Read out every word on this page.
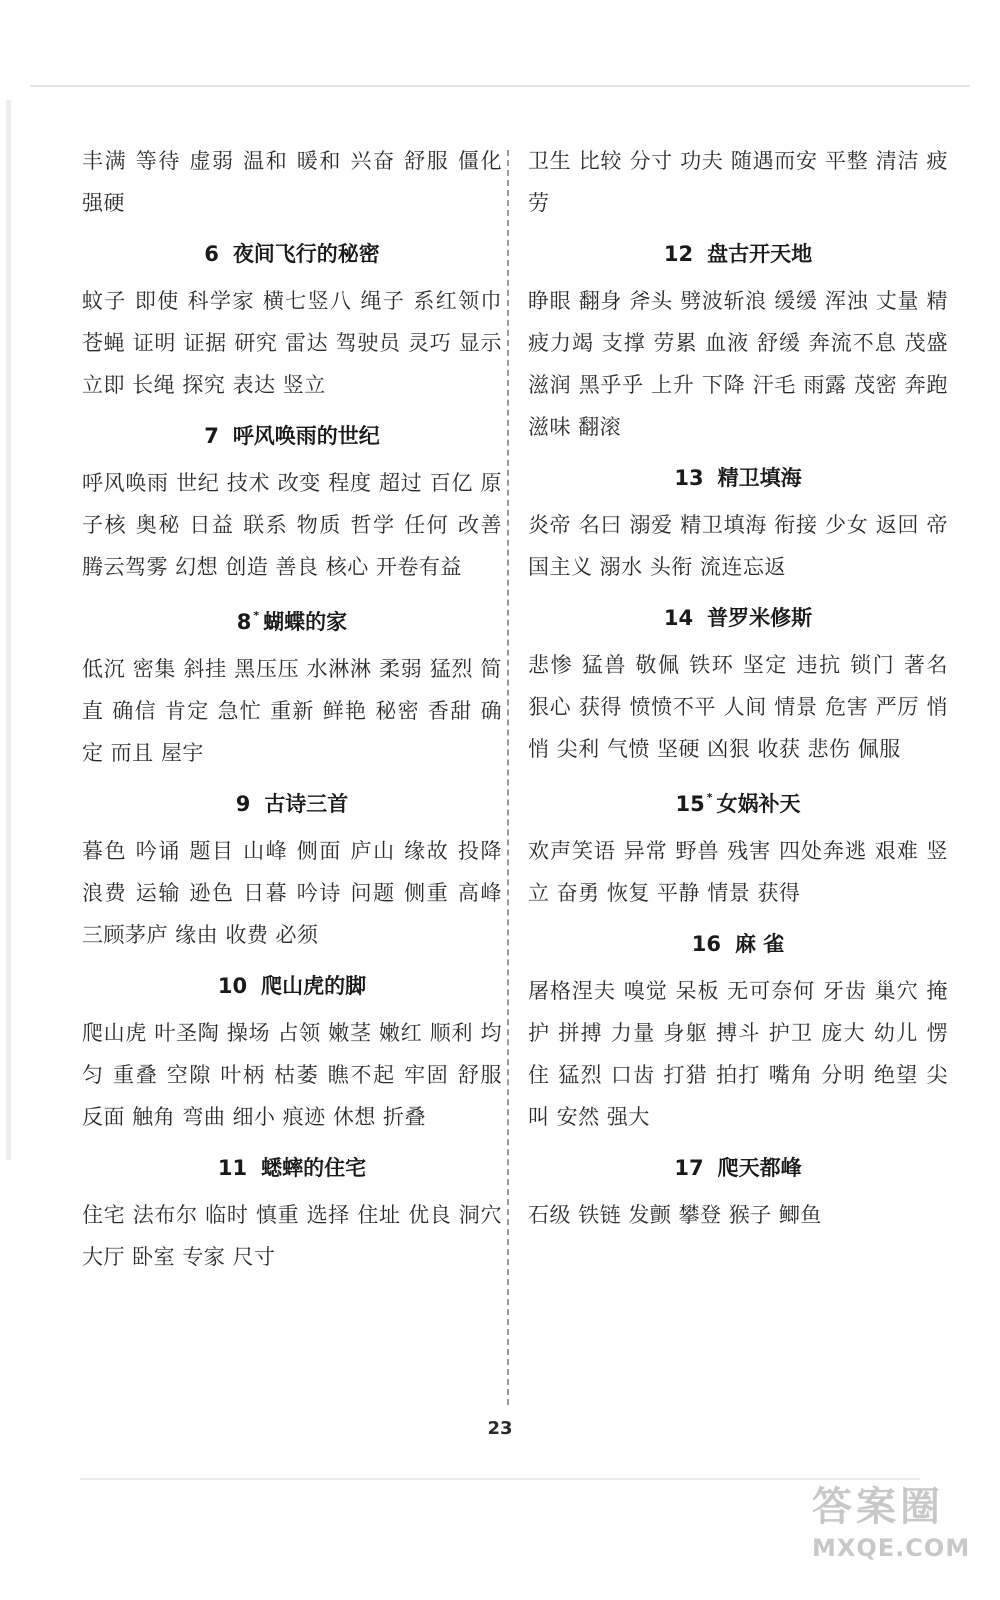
丰满 等待 虚弱 温和 暖和 兴奋 舒服 僵化 强硬

6 夜间飞行的秘密

蚊子 即使 科学家 横七竖八 绳子 系红领巾 苍蝇 证明 证据 研究 雷达 驾驶员 灵巧 显示 立即 长绳 探究 表达 竖立

7 呼风唤雨的世纪

呼风唤雨 世纪 技术 改变 程度 超过 百亿 原子核 奥秘 日益 联系 物质 哲学 任何 改善 腾云驾雾 幻想 创造 善良 核心 开卷有益

8 * 蝴蝶的家

低沉 密集 斜挂 黑压压 水淋淋 柔弱 猛烈 简直 确信 肯定 急忙 重新 鲜艳 秘密 香甜 确定 而且 屋宇

9 古诗三首

暮色 吟诵 题目 山峰 侧面 庐山 缘故 投降 浪费 运输 逊色 日暮 吟诗 问题 侧重 高峰 三顾茅庐 缘由 收费 必须

10 爬山虎的脚

爬山虎 叶圣陶 操场 占领 嫩茎 嫩红 顺利 均匀 重叠 空隙 叶柄 枯萎 瞧不起 牢固 舒服 反面 触角 弯曲 细小 痕迹 休想 折叠

11 蟋蟀的住宅

住宅 法布尔 临时 慎重 选择 住址 优良 洞穴 大厅 卧室 专家 尺寸

卫生 比较 分寸 功夫 随遇而安 平整 清洁 疲劳

12 盘古开天地

睁眼 翻身 斧头 劈波斩浪 缓缓 浑浊 丈量 精疲力竭 支撑 劳累 血液 舒缓 奔流不息 茂盛 滋润 黑乎乎 上升 下降 汗毛 雨露 茂密 奔跑 滋味 翻滚

13 精卫填海

炎帝 名曰 溺爱 精卫填海 衔接 少女 返回 帝国主义 溺水 头衔 流连忘返

14 普罗米修斯

悲惨 猛兽 敬佩 铁环 坚定 违抗 锁门 著名 狠心 获得 愤愤不平 人间 情景 危害 严厉 悄悄 尖利 气愤 坚硬 凶狠 收获 悲伤 佩服

15 * 女娲补天

欢声笑语 异常 野兽 残害 四处奔逃 艰难 竖立 奋勇 恢复 平静 情景 获得

16 麻 雀

屠格涅夫 嗅觉 呆板 无可奈何 牙齿 巢穴 掩护 拼搏 力量 身躯 搏斗 护卫 庞大 幼儿 愣住 猛烈 口齿 打猎 拍打 嘴角 分明 绝望 尖叫 安然 强大

17 爬天都峰

石级 铁链 发颤 攀登 猴子 鲫鱼

23
答案圈
MXQE.COM
